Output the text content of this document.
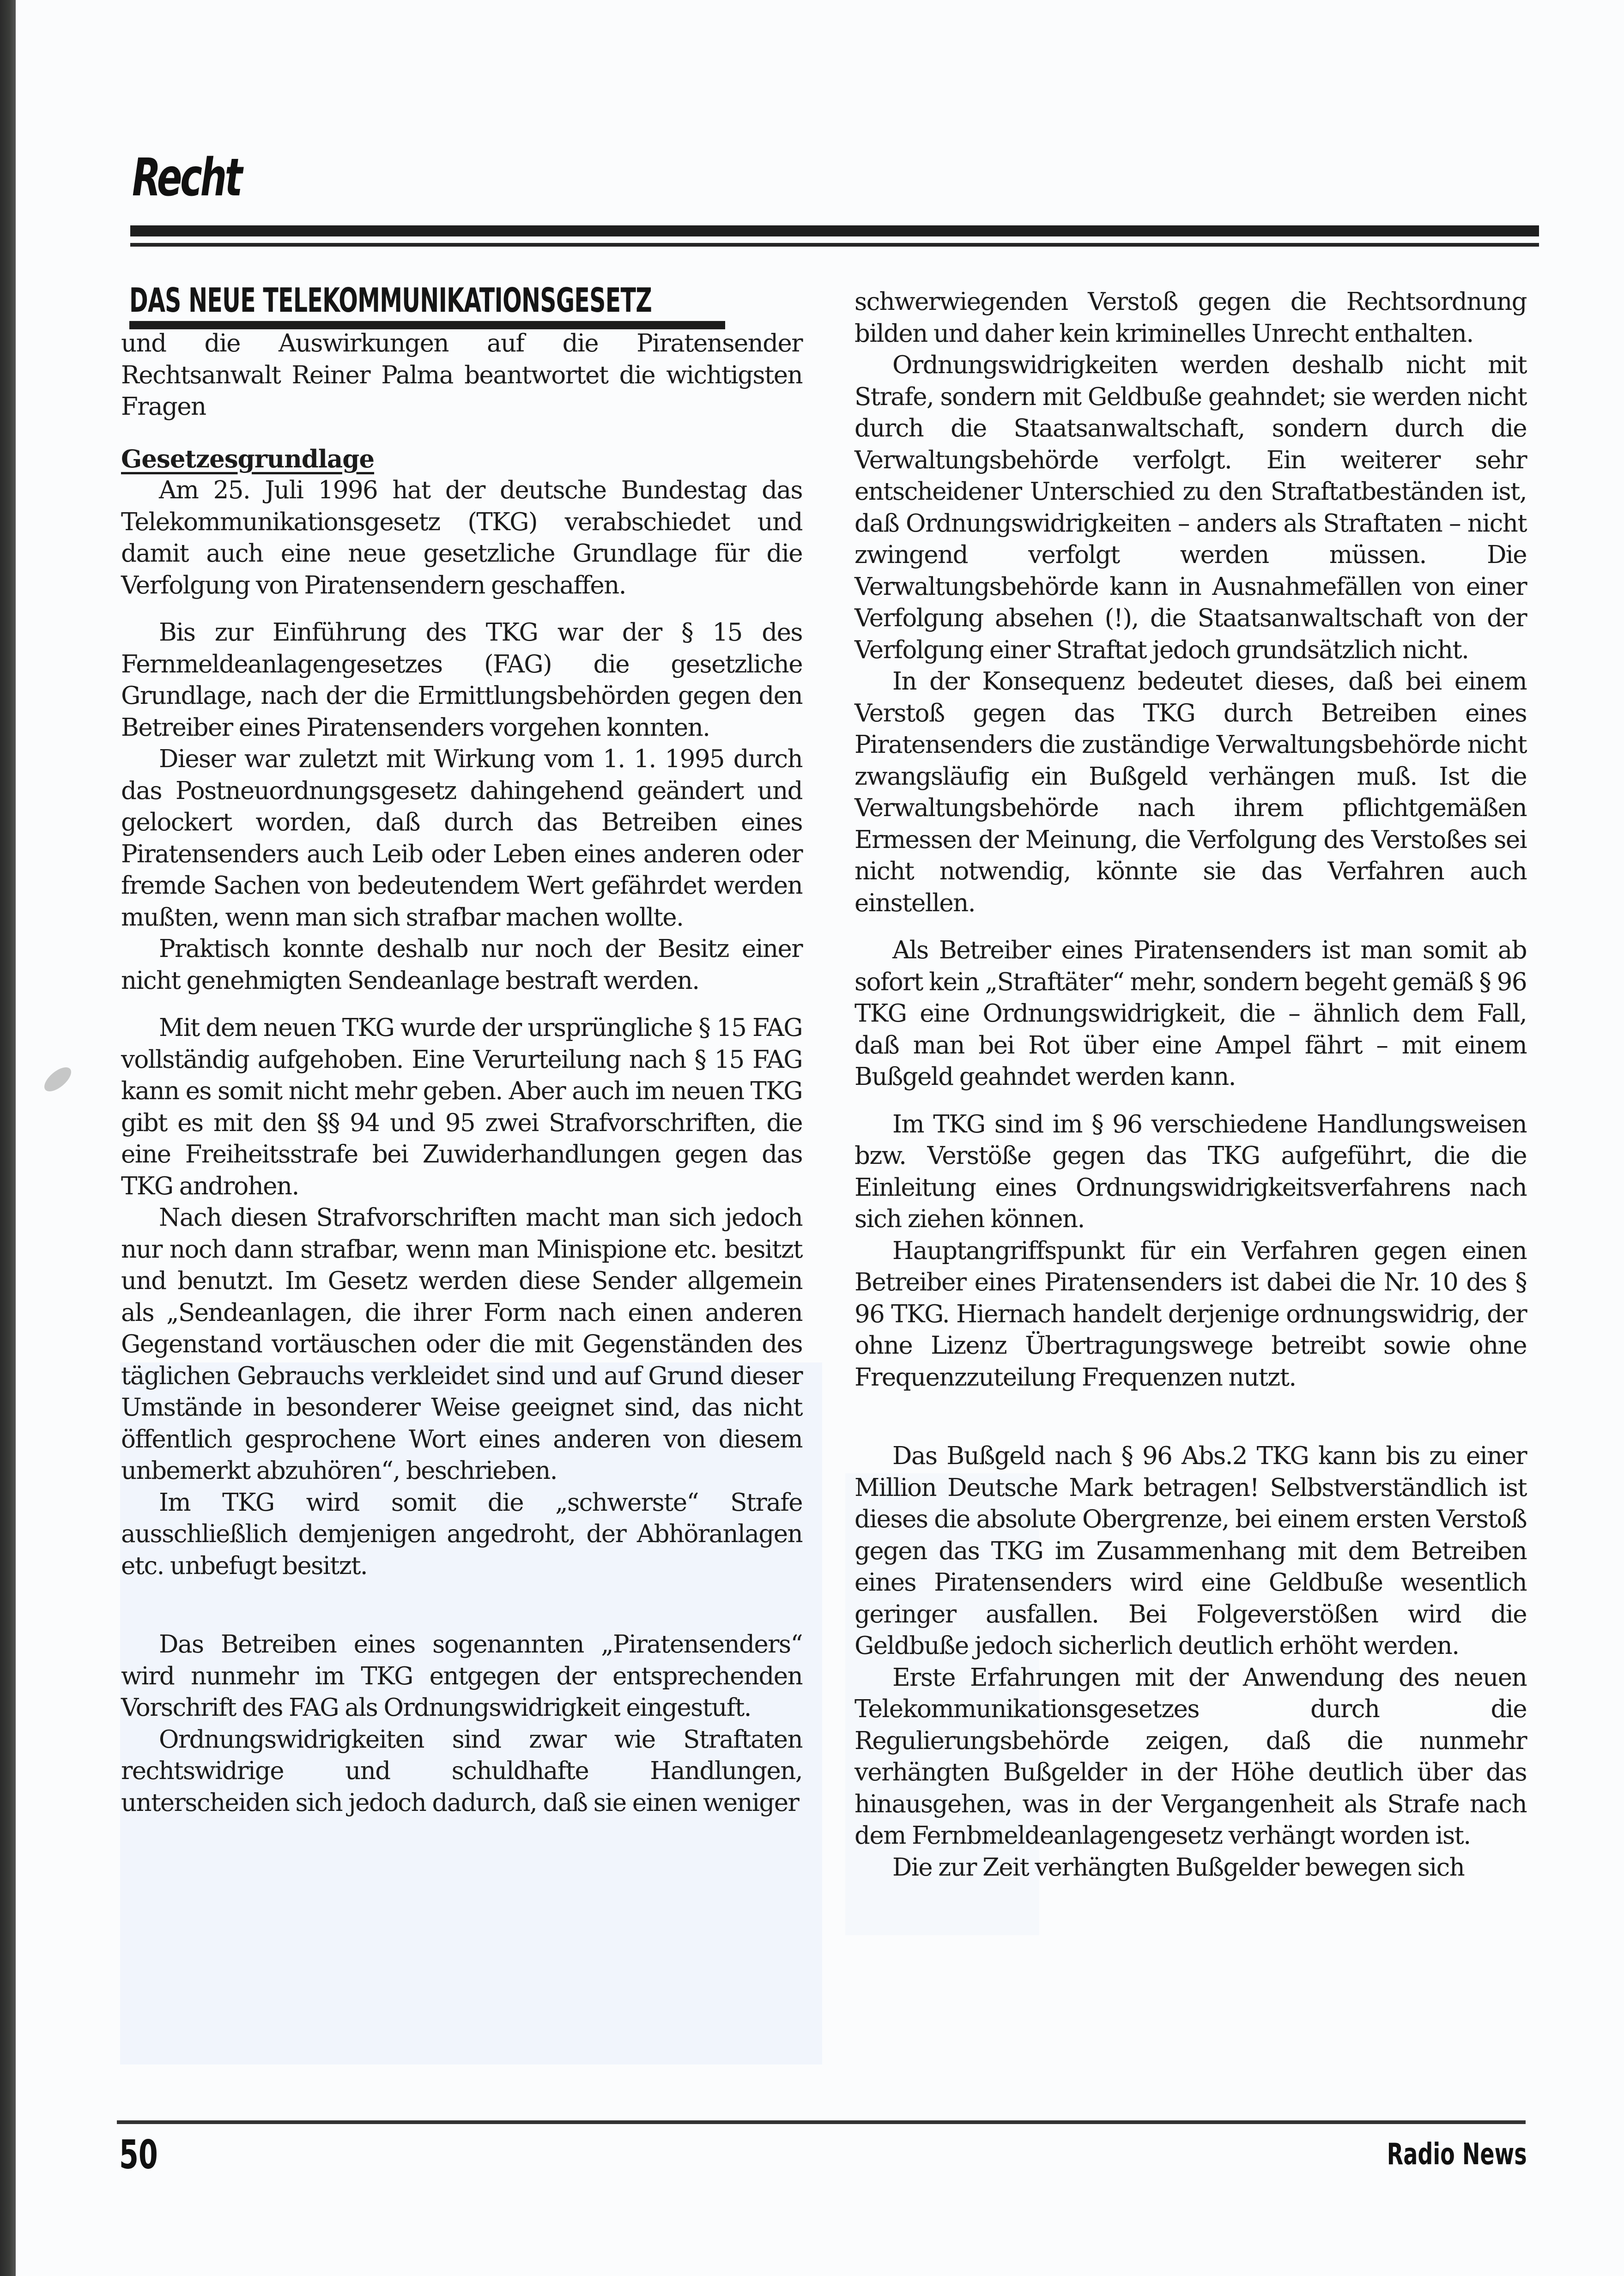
Recht
DAS NEUE TELEKOMMUNIKATIONSGESETZ

und die Auswirkungen auf die Piratensender Rechtsanwalt Reiner Palma beantwortet die wichtigsten Fragen

Gesetzesgrundlage

Am 25. Juli 1996 hat der deutsche Bundestag das Telekommunikationsgesetz (TKG) verabschiedet und damit auch eine neue gesetzliche Grundlage für die Verfolgung von Piratensendern geschaffen.

Bis zur Einführung des TKG war der § 15 des Fernmeldeanlagengesetzes (FAG) die gesetzliche Grundlage, nach der die Ermittlungsbehörden gegen den Betreiber eines Piratensenders vorgehen konnten.

Dieser war zuletzt mit Wirkung vom 1. 1. 1995 durch das Postneuordnungsgesetz dahingehend geändert und gelockert worden, daß durch das Betreiben eines Piratensenders auch Leib oder Leben eines anderen oder fremde Sachen von bedeutendem Wert gefährdet werden mußten, wenn man sich strafbar machen wollte.

Praktisch konnte deshalb nur noch der Besitz einer nicht genehmigten Sendeanlage bestraft werden.

Mit dem neuen TKG wurde der ursprüngliche § 15 FAG vollständig aufgehoben. Eine Verurteilung nach § 15 FAG kann es somit nicht mehr geben. Aber auch im neuen TKG gibt es mit den §§ 94 und 95 zwei Strafvorschriften, die eine Freiheitsstrafe bei Zuwiderhandlungen gegen das TKG androhen.

Nach diesen Strafvorschriften macht man sich jedoch nur noch dann strafbar, wenn man Minispione etc. besitzt und benutzt. Im Gesetz werden diese Sender allgemein als „Sendeanlagen, die ihrer Form nach einen anderen Gegenstand vortäuschen oder die mit Gegenständen des täglichen Gebrauchs verkleidet sind und auf Grund dieser Umstände in besonderer Weise geeignet sind, das nicht öffentlich gesprochene Wort eines anderen von diesem unbemerkt abzuhören“, beschrieben.

Im TKG wird somit die „schwerste“ Strafe ausschließlich demjenigen angedroht, der Abhöranlagen etc. unbefugt besitzt.

Das Betreiben eines sogenannten „Piratensenders“ wird nunmehr im TKG entgegen der entsprechenden Vorschrift des FAG als Ordnungswidrigkeit eingestuft.

Ordnungswidrigkeiten sind zwar wie Straftaten rechtswidrige und schuldhafte Handlungen, unterscheiden sich jedoch dadurch, daß sie einen weniger

schwerwiegenden Verstoß gegen die Rechtsordnung bilden und daher kein kriminelles Unrecht enthalten.

Ordnungswidrigkeiten werden deshalb nicht mit Strafe, sondern mit Geldbuße geahndet; sie werden nicht durch die Staatsanwaltschaft, sondern durch die Verwaltungsbehörde verfolgt. Ein weiterer sehr entscheidener Unterschied zu den Straftatbeständen ist, daß Ordnungswidrigkeiten – anders als Straftaten – nicht zwingend verfolgt werden müssen. Die Verwaltungsbehörde kann in Ausnahmefällen von einer Verfolgung absehen (!), die Staatsanwaltschaft von der Verfolgung einer Straftat jedoch grundsätzlich nicht.

In der Konsequenz bedeutet dieses, daß bei einem Verstoß gegen das TKG durch Betreiben eines Piratensenders die zuständige Verwaltungsbehörde nicht zwangsläufig ein Bußgeld verhängen muß. Ist die Verwaltungsbehörde nach ihrem pflichtgemäßen Ermessen der Meinung, die Verfolgung des Verstoßes sei nicht notwendig, könnte sie das Verfahren auch einstellen.

Als Betreiber eines Piratensenders ist man somit ab sofort kein „Straftäter“ mehr, sondern begeht gemäß § 96 TKG eine Ordnungswidrigkeit, die – ähnlich dem Fall, daß man bei Rot über eine Ampel fährt – mit einem Bußgeld geahndet werden kann.

Im TKG sind im § 96 verschiedene Handlungsweisen bzw. Verstöße gegen das TKG aufgeführt, die die Einleitung eines Ordnungswidrigkeitsverfahrens nach sich ziehen können.

Hauptangriffspunkt für ein Verfahren gegen einen Betreiber eines Piratensenders ist dabei die Nr. 10 des § 96 TKG. Hiernach handelt derjenige ordnungswidrig, der ohne Lizenz Übertragungswege betreibt sowie ohne Frequenzzuteilung Frequenzen nutzt.

Das Bußgeld nach § 96 Abs.2 TKG kann bis zu einer Million Deutsche Mark betragen! Selbstverständlich ist dieses die absolute Obergrenze, bei einem ersten Verstoß gegen das TKG im Zusammenhang mit dem Betreiben eines Piratensenders wird eine Geldbuße wesentlich geringer ausfallen. Bei Folgeverstößen wird die Geldbuße jedoch sicherlich deutlich erhöht werden.

Erste Erfahrungen mit der Anwendung des neuen Telekommunikationsgesetzes durch die Regulierungsbehörde zeigen, daß die nunmehr verhängten Bußgelder in der Höhe deutlich über das hinausgehen, was in der Vergangenheit als Strafe nach dem Fernbmeldeanlagengesetz verhängt worden ist.

Die zur Zeit verhängten Bußgelder bewegen sich

50	Radio News
